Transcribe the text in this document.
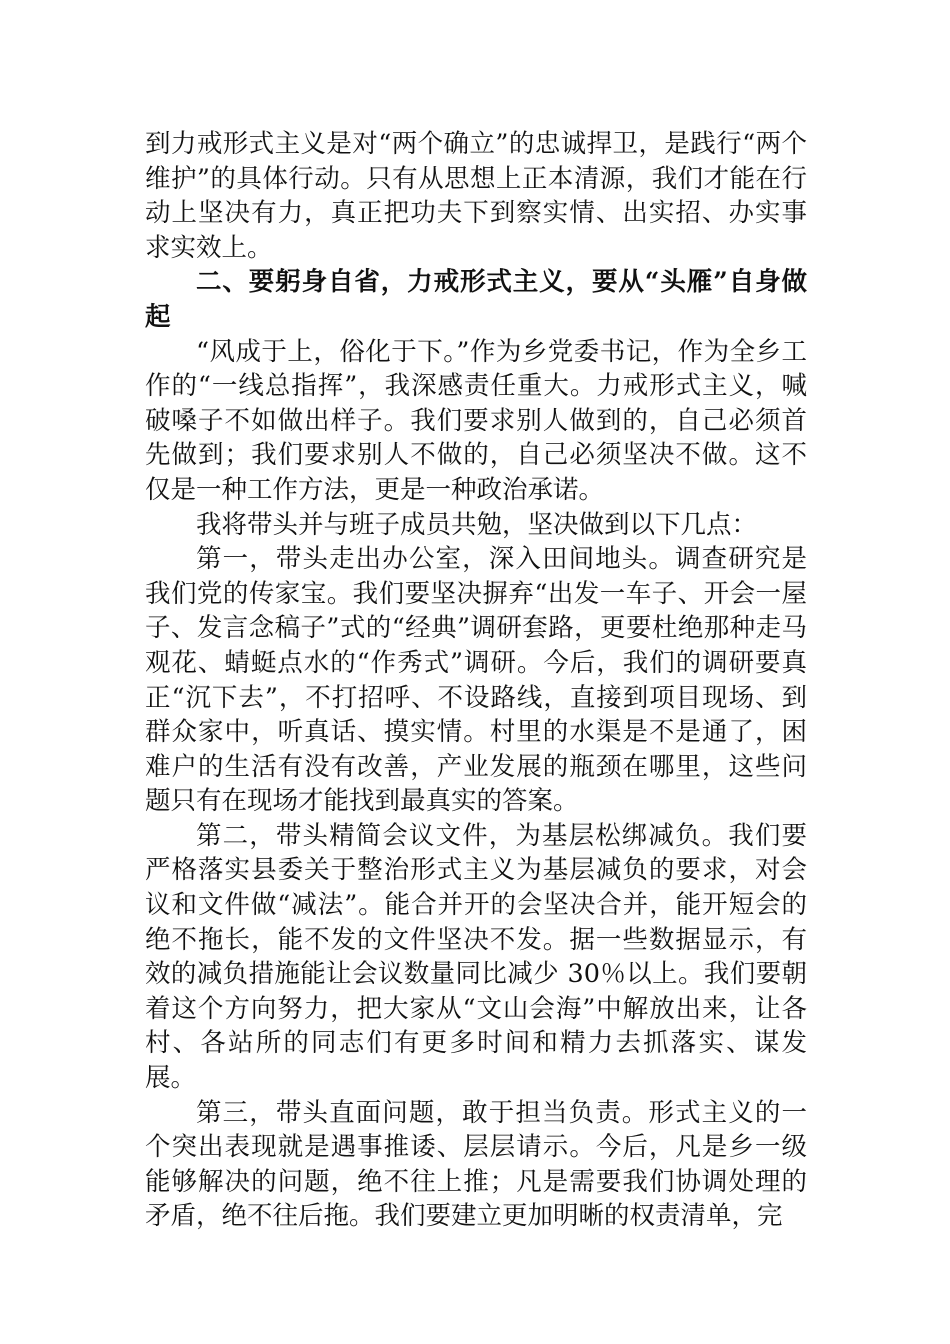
到力戒形式主义是对“两个确立”的忠诚捍卫，是践行“两个维护”的具体行动。只有从思想上正本清源，我们才能在行动上坚决有力，真正把功夫下到察实情、出实招、办实事求实效上。

二、要躬身自省，力戒形式主义，要从“头雁”自身做起

“风成于上，俗化于下。”作为乡党委书记，作为全乡工作的“一线总指挥”，我深感责任重大。力戒形式主义，喊破嗓子不如做出样子。我们要求别人做到的，自己必须首先做到；我们要求别人不做的，自己必须坚决不做。这不仅是一种工作方法，更是一种政治承诺。

我将带头并与班子成员共勉，坚决做到以下几点：

第一，带头走出办公室，深入田间地头。调查研究是我们党的传家宝。我们要坚决摒弃“出发一车子、开会一屋子、发言念稿子”式的“经典”调研套路，更要杜绝那种走马观花、蜻蜓点水的“作秀式”调研。今后，我们的调研要真正“沉下去”，不打招呼、不设路线，直接到项目现场、到群众家中，听真话、摸实情。村里的水渠是不是通了，困难户的生活有没有改善，产业发展的瓶颈在哪里，这些问题只有在现场才能找到最真实的答案。

第二，带头精简会议文件，为基层松绑减负。我们要严格落实县委关于整治形式主义为基层减负的要求，对会议和文件做“减法”。能合并开的会坚决合并，能开短会的绝不拖长，能不发的文件坚决不发。据一些数据显示，有效的减负措施能让会议数量同比减少 30％以上。我们要朝着这个方向努力，把大家从“文山会海”中解放出来，让各村、各站所的同志们有更多时间和精力去抓落实、谋发展。

第三，带头直面问题，敢于担当负责。形式主义的一个突出表现就是遇事推诿、层层请示。今后，凡是乡一级能够解决的问题，绝不往上推；凡是需要我们协调处理的矛盾，绝不往后拖。我们要建立更加明晰的权责清单，完
